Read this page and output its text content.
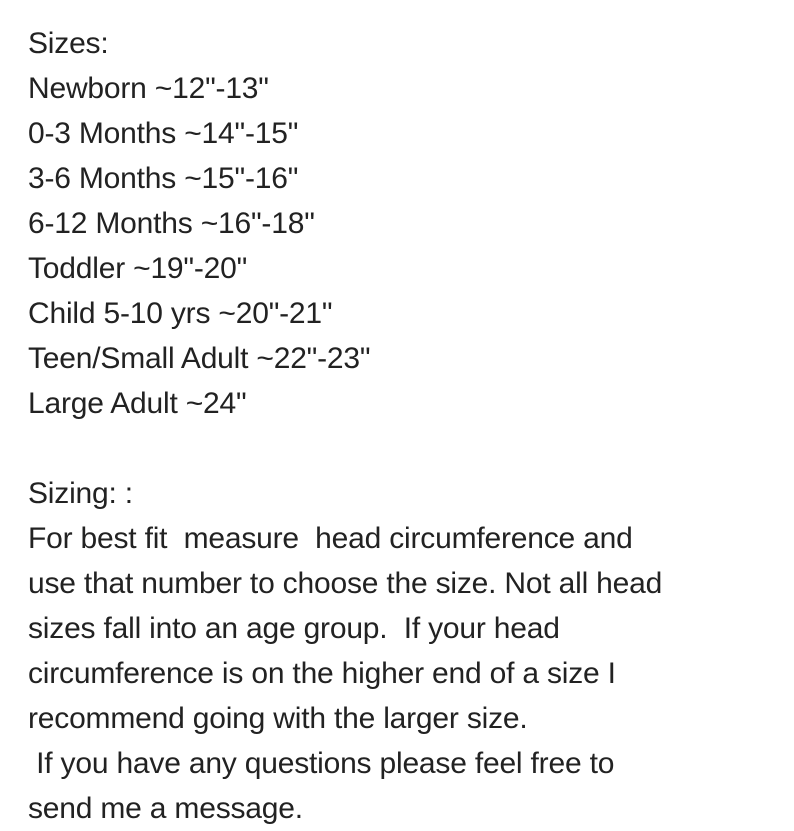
Sizes:
Newborn ~12"-13"
0-3 Months ~14"-15"
3-6 Months ~15"-16"
6-12 Months ~16"-18"
Toddler ~19"-20"
Child 5-10 yrs ~20"-21"
Teen/Small Adult ~22"-23"
Large Adult ~24"
Sizing: :
For best fit  measure  head circumference and
use that number to choose the size. Not all head
sizes fall into an age group.  If your head
circumference is on the higher end of a size I
recommend going with the larger size.
If you have any questions please feel free to
send me a message.
